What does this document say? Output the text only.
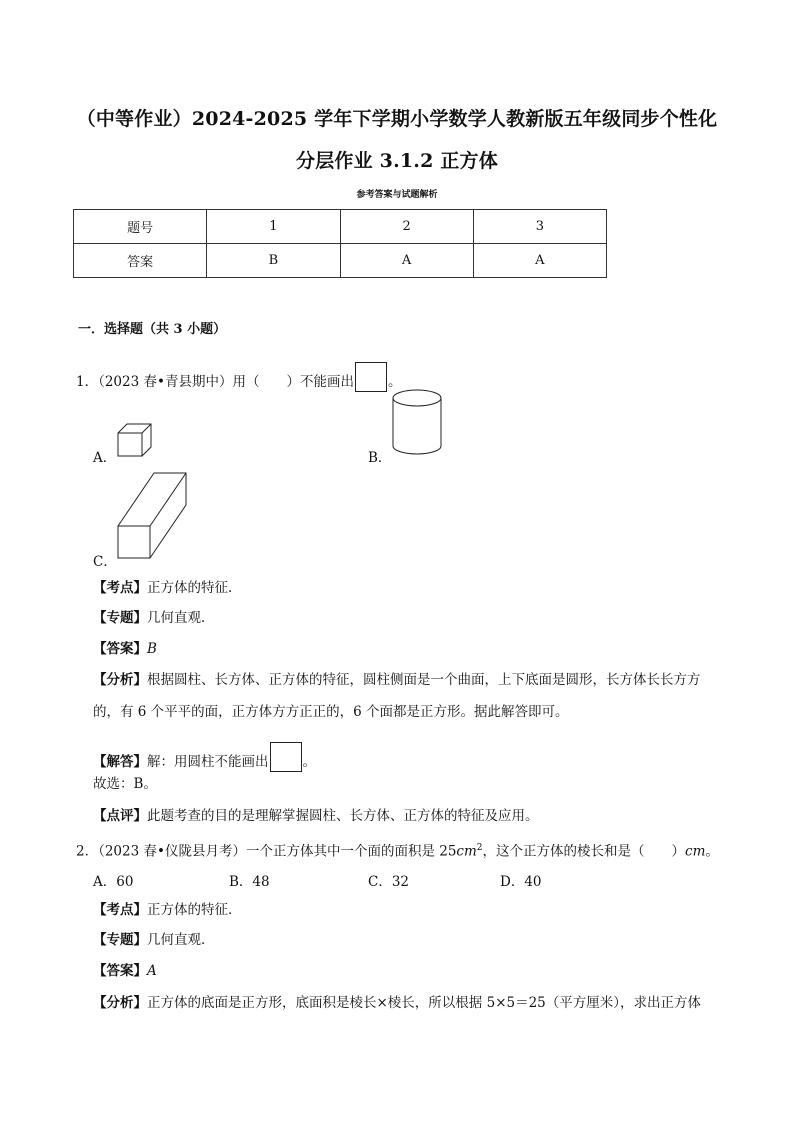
（中等作业）2024-2025 学年下学期小学数学人教新版五年级同步个性化
分层作业 3.1.2 正方体
参考答案与试题解析
题号	1	2	3
答案	B	A	A
一．选择题（共 3 小题）
1．（2023 春•青县期中）用（　　）不能画出	。
A．	B．
C．
【考点】正方体的特征．
【专题】几何直观．
【答案】B
【分析】根据圆柱、长方体、正方体的特征，圆柱侧面是一个曲面，上下底面是圆形，长方体长长方方
的，有 6 个平平的面，正方体方方正正的，6 个面都是正方形。据此解答即可。
【解答】解：用圆柱不能画出	。
故选：B。
【点评】此题考查的目的是理解掌握圆柱、长方体、正方体的特征及应用。
2．（2023 春•仪陇县月考）一个正方体其中一个面的面积是 $25cm^2$，这个正方体的棱长和是（　　）cm。
A．60	B．48	C．32	D．40
【考点】正方体的特征．
【专题】几何直观．
【答案】A
【分析】正方体的底面是正方形，底面积是棱长×棱长，所以根据 5×5＝25（平方厘米），求出正方体
